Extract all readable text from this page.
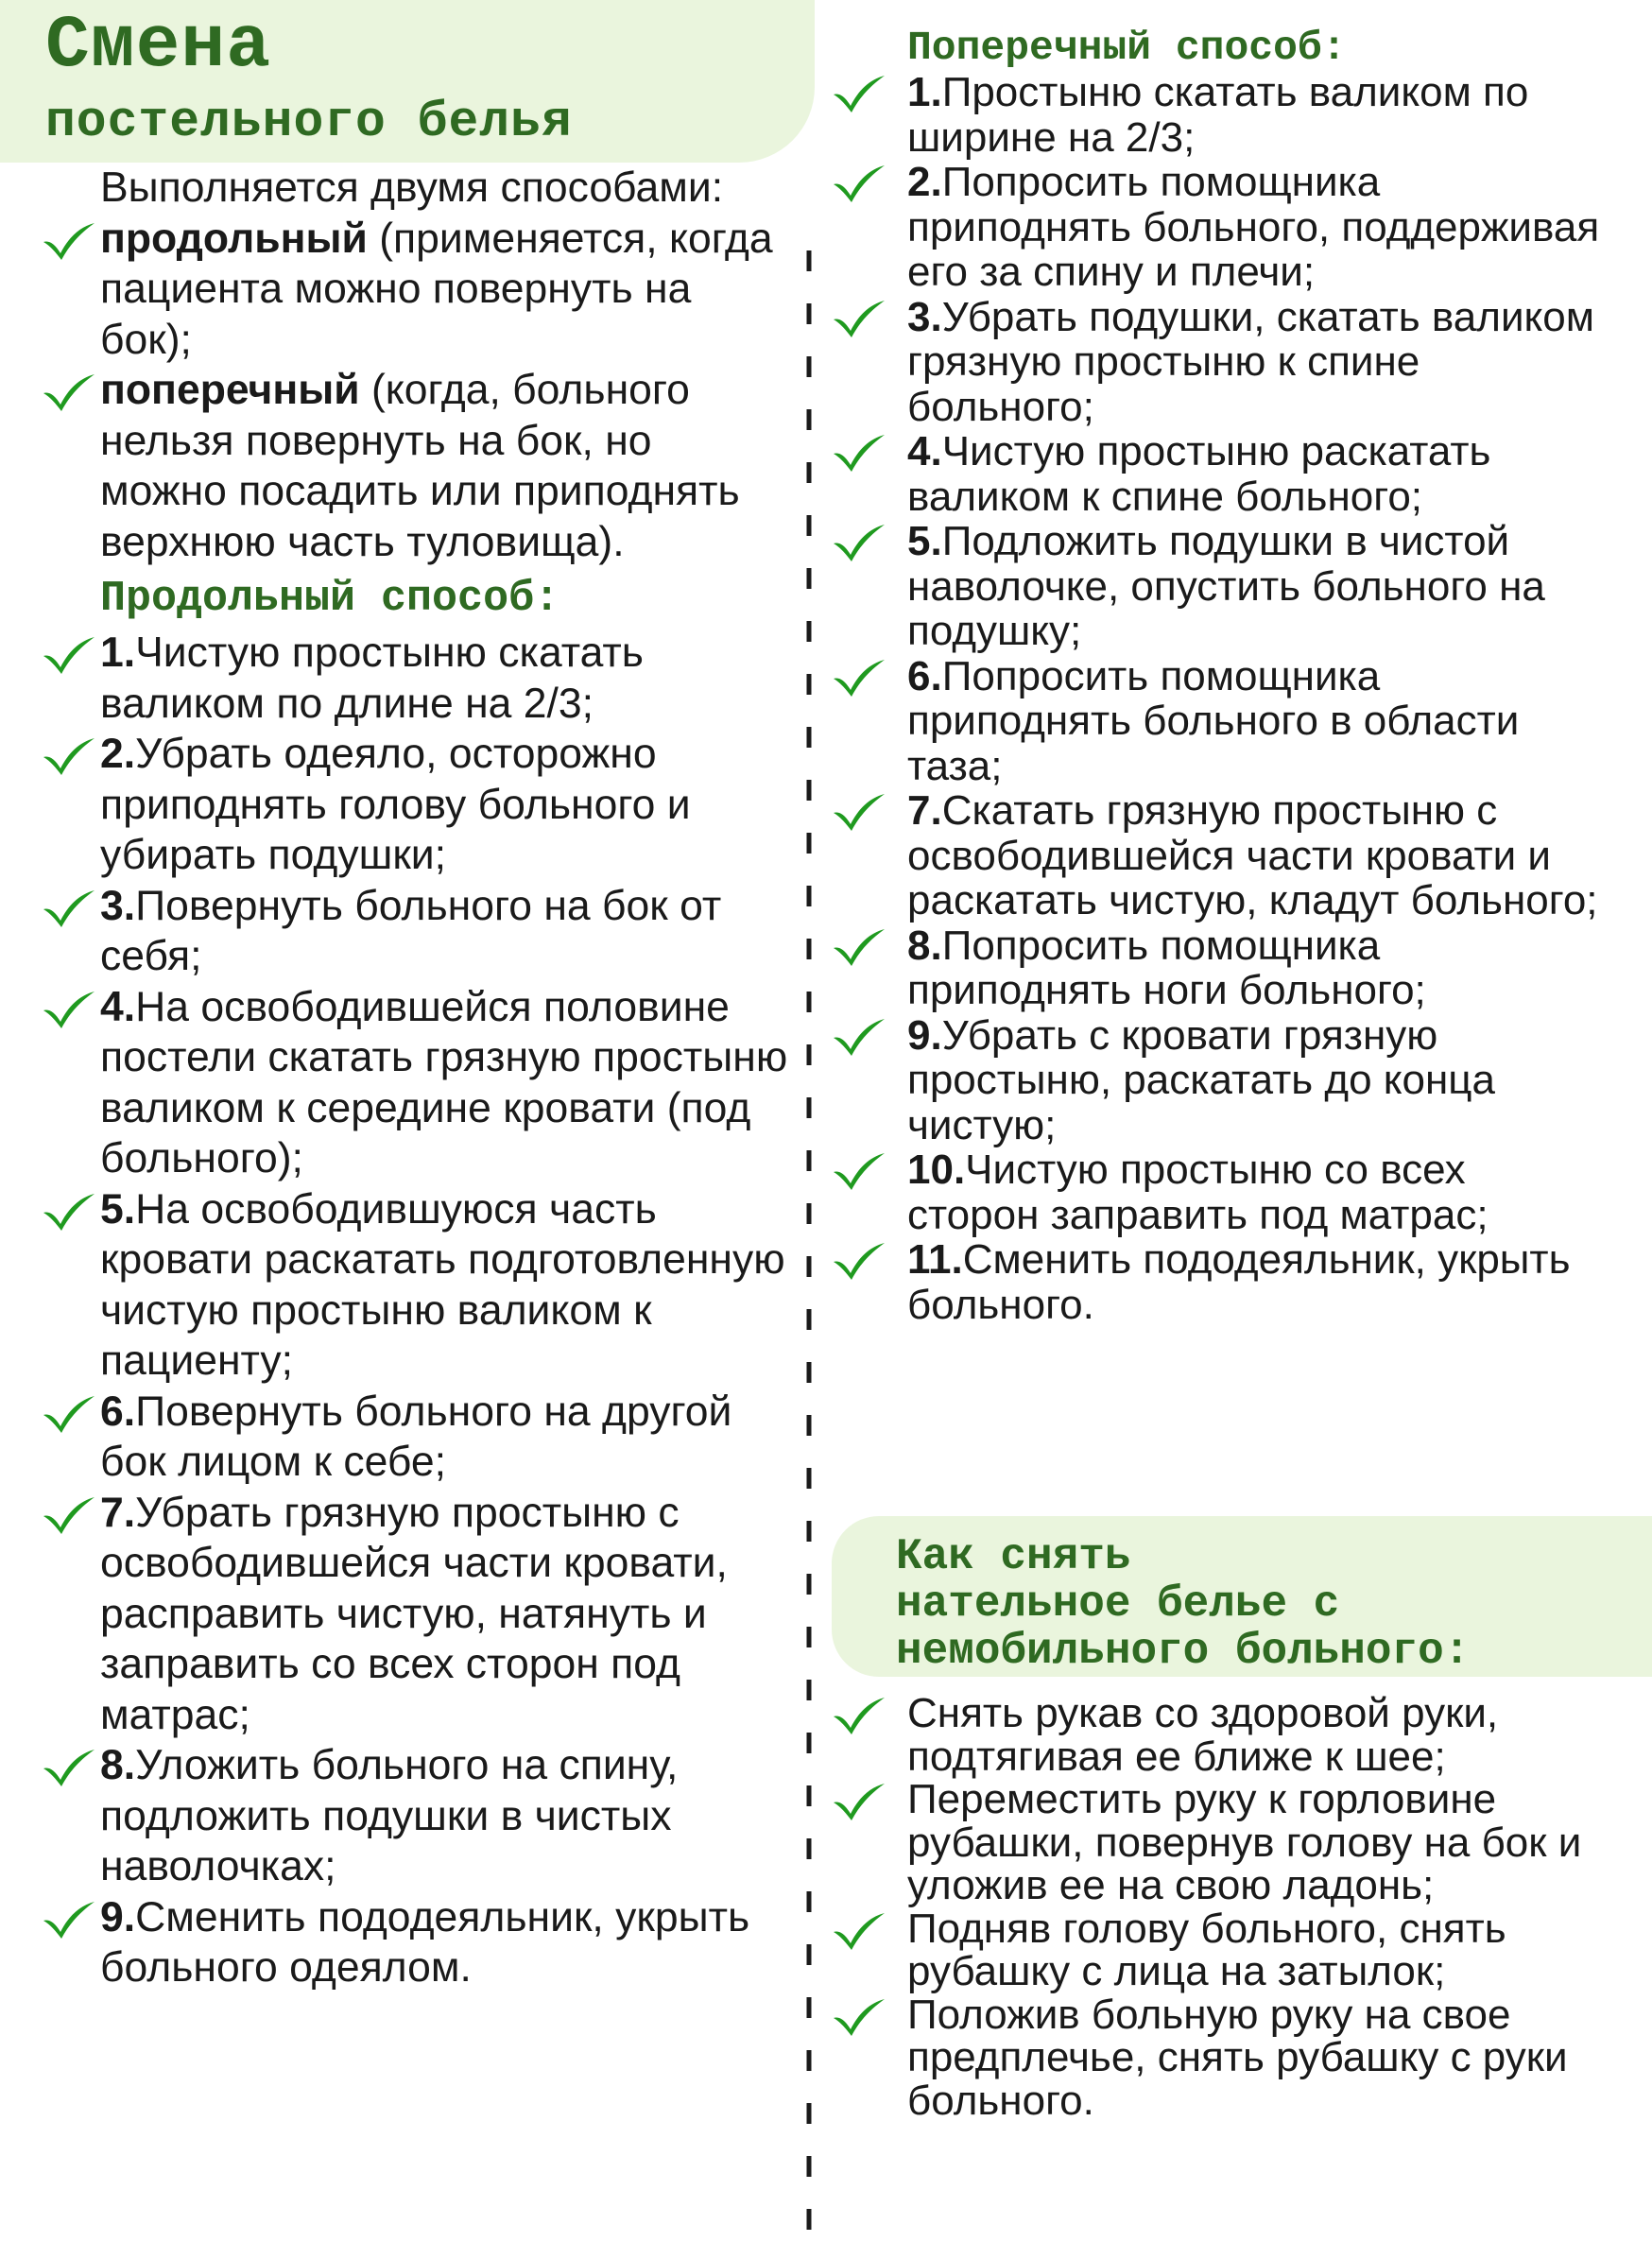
Смена
постельного белья

Выполняется двумя способами:

продольный (применяется, когда пациента можно повернуть на бок);

поперечный (когда, больного нельзя повернуть на бок, но можно посадить или приподнять верхнюю часть туловища).

Продольный способ:

1.Чистую простыню скатать валиком по длине на 2/3;

2.Убрать одеяло, осторожно приподнять голову больного и убирать подушки;

3.Повернуть больного на бок от себя;

4.На освободившейся половине постели скатать грязную простыню валиком к середине кровати (под больного);

5.На освободившуюся часть кровати раскатать подготовленную чистую простыню валиком к пациенту;

6.Повернуть больного на другой бок лицом к себе;

7.Убрать грязную простыню с освободившейся части кровати, расправить чистую, натянуть и заправить со всех сторон под матрас;

8.Уложить больного на спину, подложить подушки в чистых наволочках;

9.Сменить пододеяльник, укрыть больного одеялом.

Поперечный способ:

1.Простыню скатать валиком по ширине на 2/3;

2.Попросить помощника приподнять больного, поддерживая его за спину и плечи;

3.Убрать подушки, скатать валиком грязную простыню к спине больного;

4.Чистую простыню раскатать валиком к спине больного;

5.Подложить подушки в чистой наволочке, опустить больного на подушку;

6.Попросить помощника приподнять больного в области таза;

7.Скатать грязную простыню с освободившейся части кровати и раскатать чистую, кладут больного;

8.Попросить помощника приподнять ноги больного;

9.Убрать с кровати грязную простыню, раскатать до конца чистую;

10.Чистую простыню со всех сторон заправить под матрас;

11.Сменить пододеяльник, укрыть больного.

Как снять
нательное белье с
немобильного больного:

Снять рукав со здоровой руки, подтягивая ее ближе к шее;

Переместить руку к горловине рубашки, повернув голову на бок и уложив ее на свою ладонь;

Подняв голову больного, снять рубашку с лица на затылок;

Положив больную руку на свое предплечье, снять рубашку с руки больного.
